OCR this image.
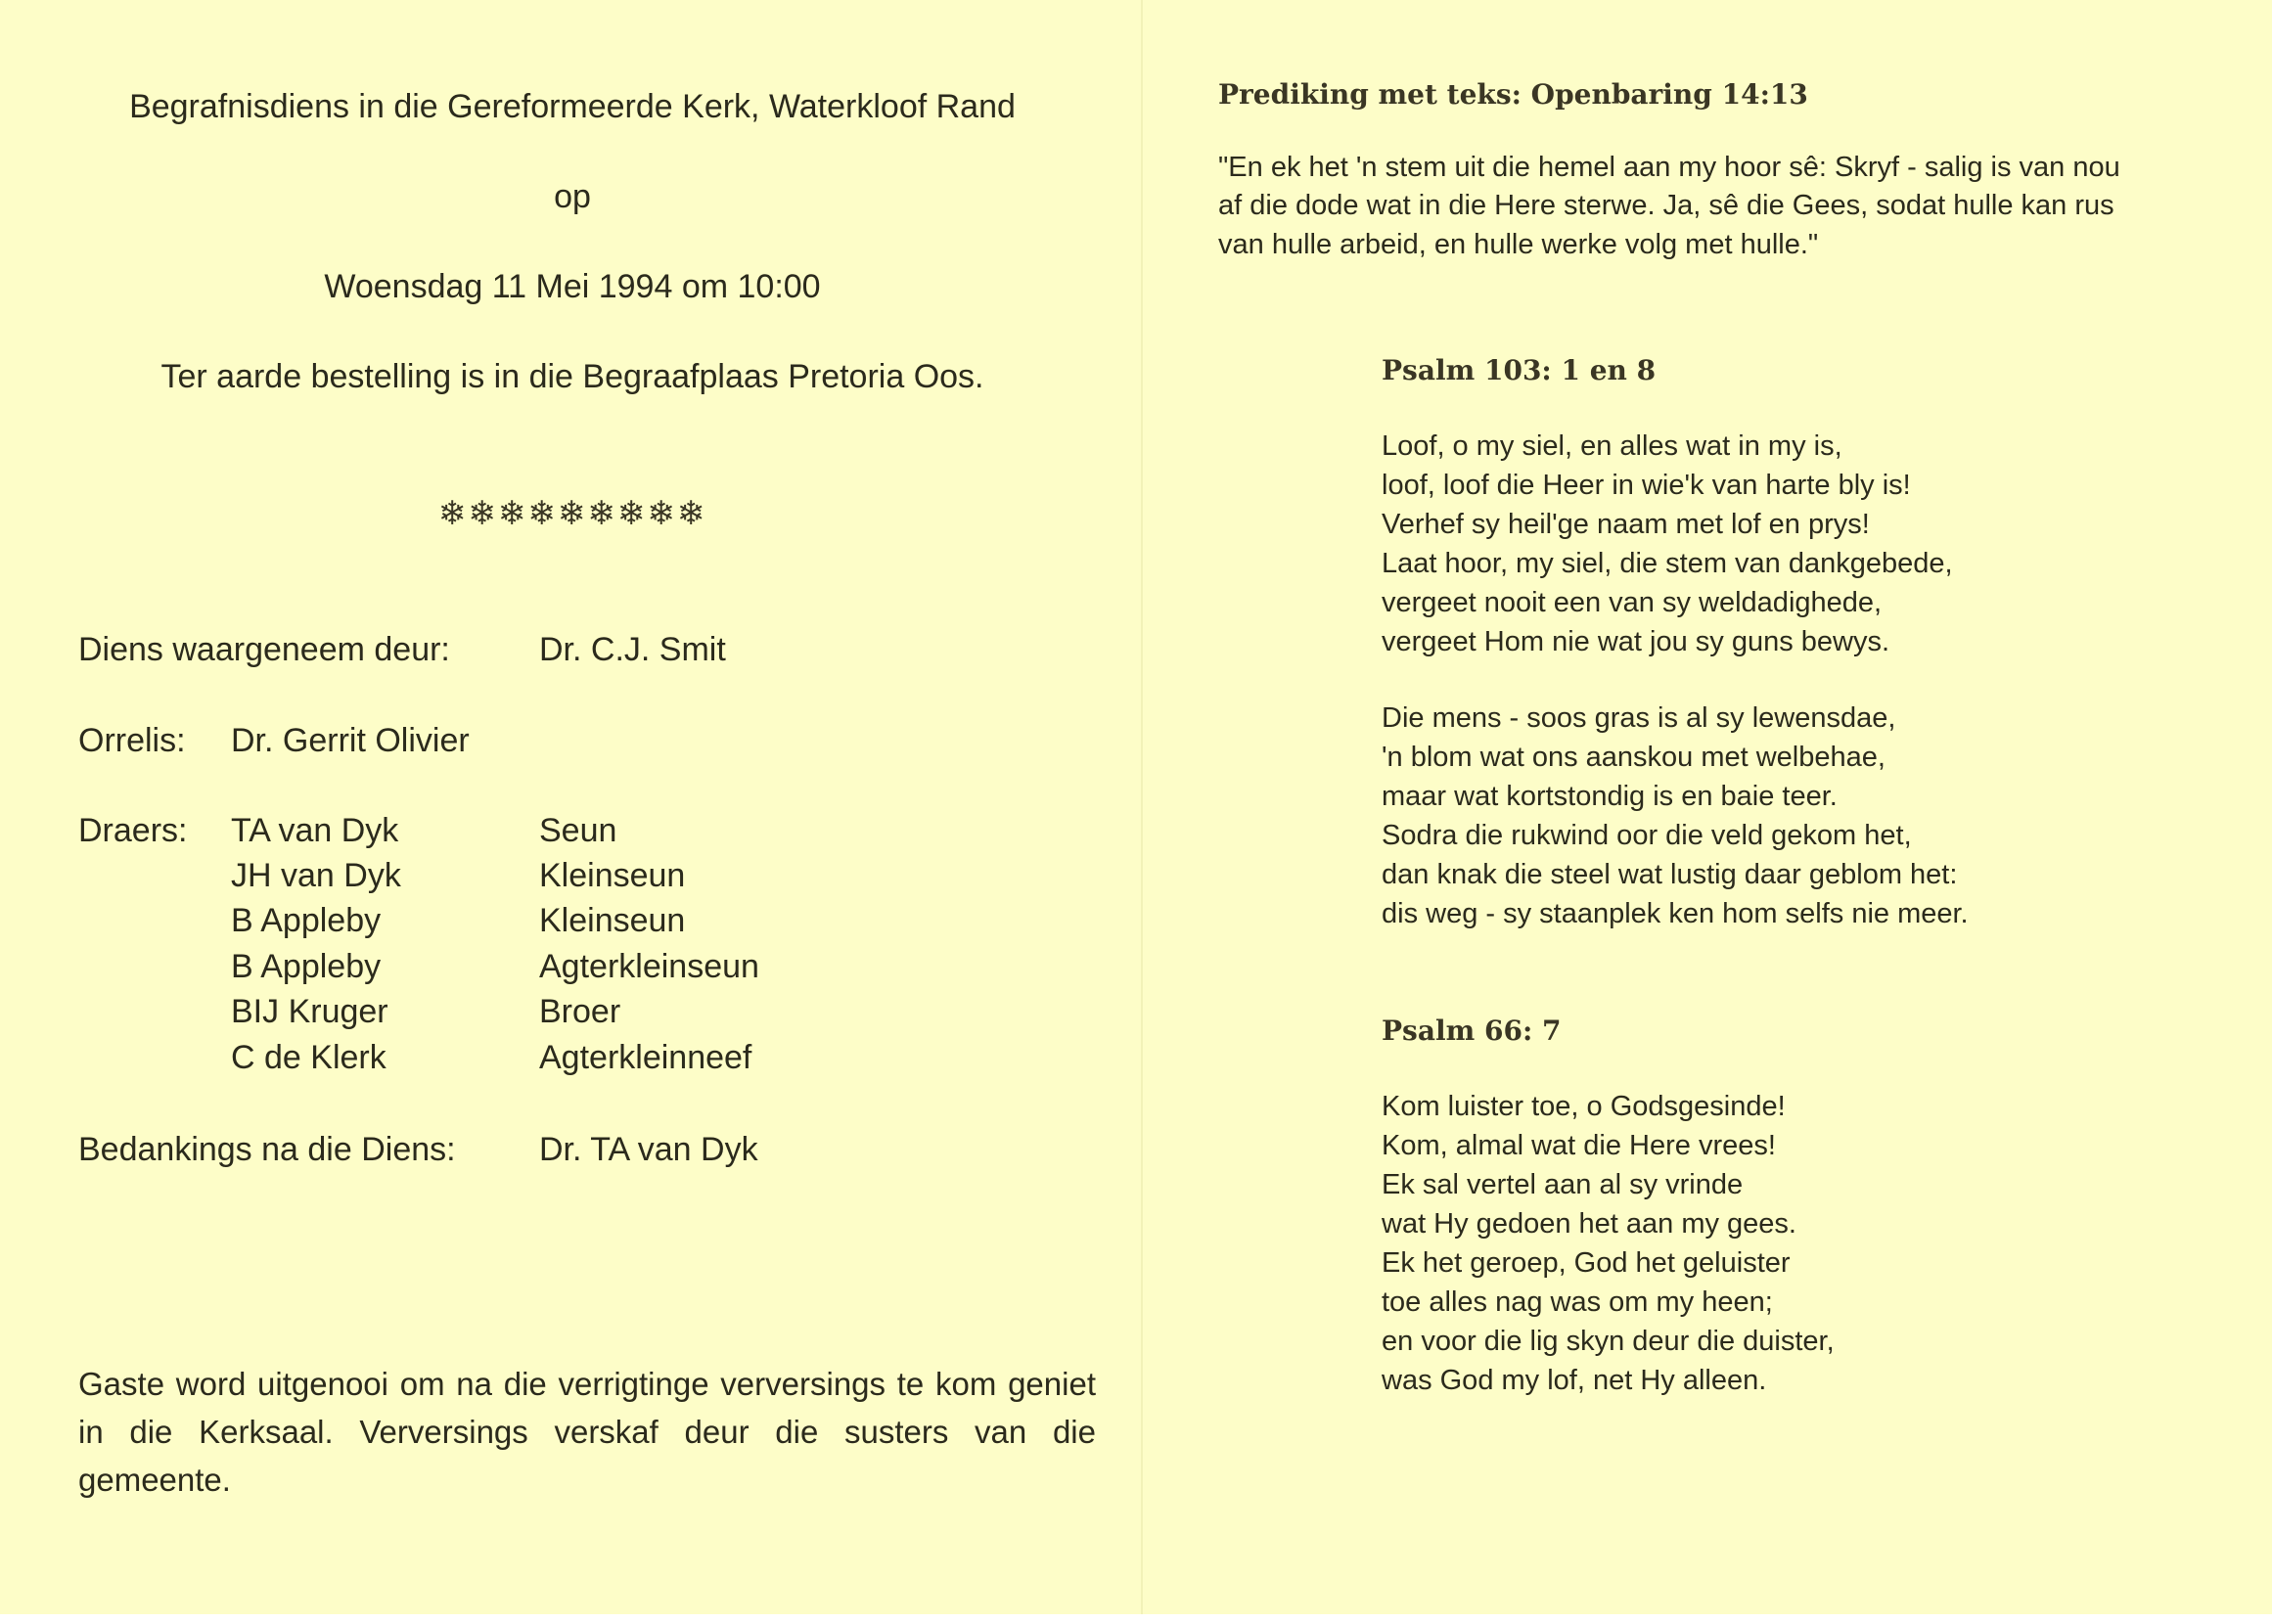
Begrafnisdiens in die Gereformeerde Kerk, Waterkloof Rand
op
Woensdag 11 Mei 1994 om 10:00
Ter aarde bestelling is in die Begraafplaas Pretoria Oos.
❄❄❄❄❄❄❄❄❄
Diens waargeneem deur:	Dr. C.J. Smit
Orrelis: Dr. Gerrit Olivier
Draers: TA van Dyk	Seun
JH van Dyk	Kleinseun
B Appleby	Kleinseun
B Appleby	Agterkleinseun
BIJ Kruger	Broer
C de Klerk	Agterkleinneef
Bedankings na die Diens:	Dr. TA van Dyk
Gaste word uitgenooi om na die verrigtinge verversings te kom geniet in die Kerksaal. Verversings verskaf deur die susters van die gemeente.
Prediking met teks: Openbaring 14:13
"En ek het 'n stem uit die hemel aan my hoor sê: Skryf - salig is van nou
af die dode wat in die Here sterwe. Ja, sê die Gees, sodat hulle kan rus
van hulle arbeid, en hulle werke volg met hulle."
Psalm 103: 1 en 8
Loof, o my siel, en alles wat in my is,
loof, loof die Heer in wie'k van harte bly is!
Verhef sy heil'ge naam met lof en prys!
Laat hoor, my siel, die stem van dankgebede,
vergeet nooit een van sy weldadighede,
vergeet Hom nie wat jou sy guns bewys.
Die mens - soos gras is al sy lewensdae,
'n blom wat ons aanskou met welbehae,
maar wat kortstondig is en baie teer.
Sodra die rukwind oor die veld gekom het,
dan knak die steel wat lustig daar geblom het:
dis weg - sy staanplek ken hom selfs nie meer.
Psalm 66: 7
Kom luister toe, o Godsgesinde!
Kom, almal wat die Here vrees!
Ek sal vertel aan al sy vrinde
wat Hy gedoen het aan my gees.
Ek het geroep, God het geluister
toe alles nag was om my heen;
en voor die lig skyn deur die duister,
was God my lof, net Hy alleen.
